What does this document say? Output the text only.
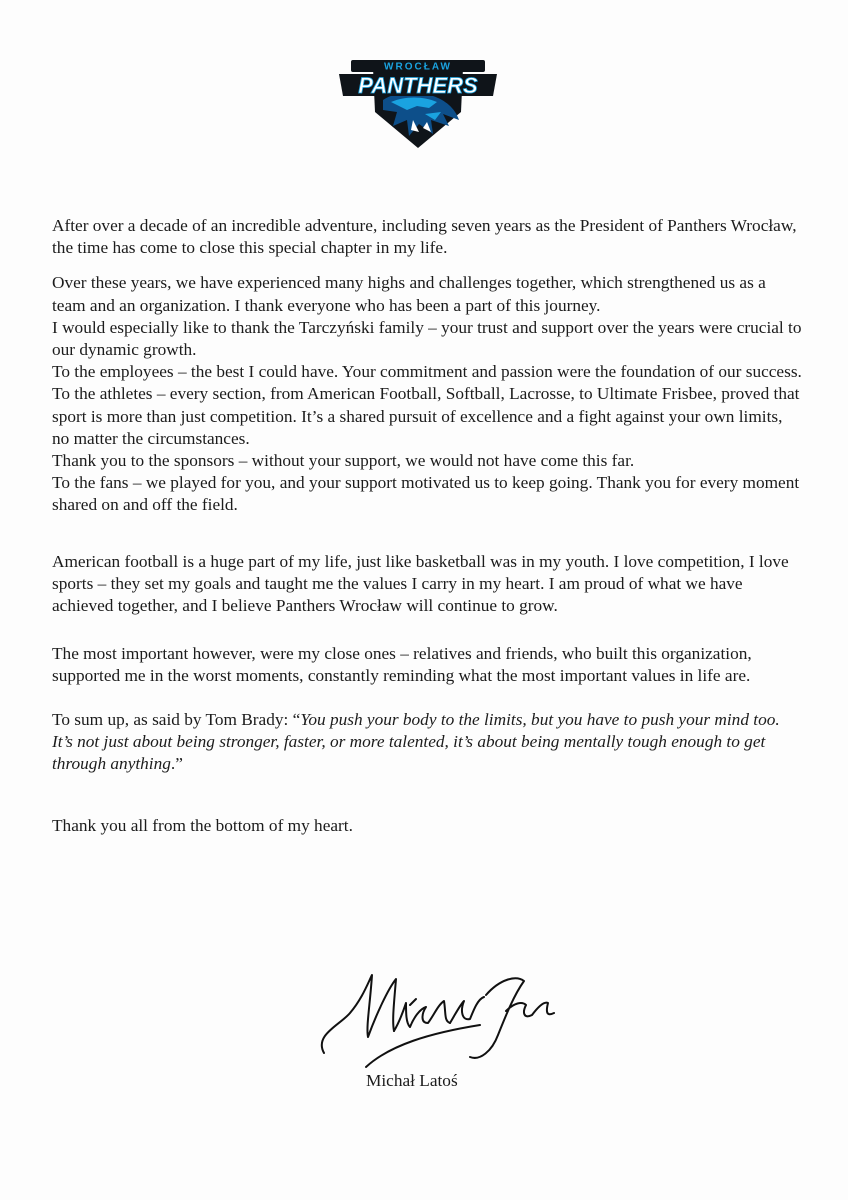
WROCŁAW
PANTHERS

After over a decade of an incredible adventure, including seven years as the President of Panthers Wrocław, the time has come to close this special chapter in my life.

Over these years, we have experienced many highs and challenges together, which strengthened us as a team and an organization. I thank everyone who has been a part of this journey.

I would especially like to thank the Tarczyński family – your trust and support over the years were crucial to our dynamic growth.

To the employees – the best I could have. Your commitment and passion were the foundation of our success.

To the athletes – every section, from American Football, Softball, Lacrosse, to Ultimate Frisbee, proved that sport is more than just competition. It’s a shared pursuit of excellence and a fight against your own limits, no matter the circumstances.

Thank you to the sponsors – without your support, we would not have come this far.

To the fans – we played for you, and your support motivated us to keep going. Thank you for every moment shared on and off the field.

American football is a huge part of my life, just like basketball was in my youth. I love competition, I love sports – they set my goals and taught me the values I carry in my heart. I am proud of what we have achieved together, and I believe Panthers Wrocław will continue to grow.

The most important however, were my close ones – relatives and friends, who built this organization, supported me in the worst moments, constantly reminding what the most important values in life are.

To sum up, as said by Tom Brady: “You push your body to the limits, but you have to push your mind too. It’s not just about being stronger, faster, or more talented, it’s about being mentally tough enough to get through anything.”

Thank you all from the bottom of my heart.

Michał Latoś
